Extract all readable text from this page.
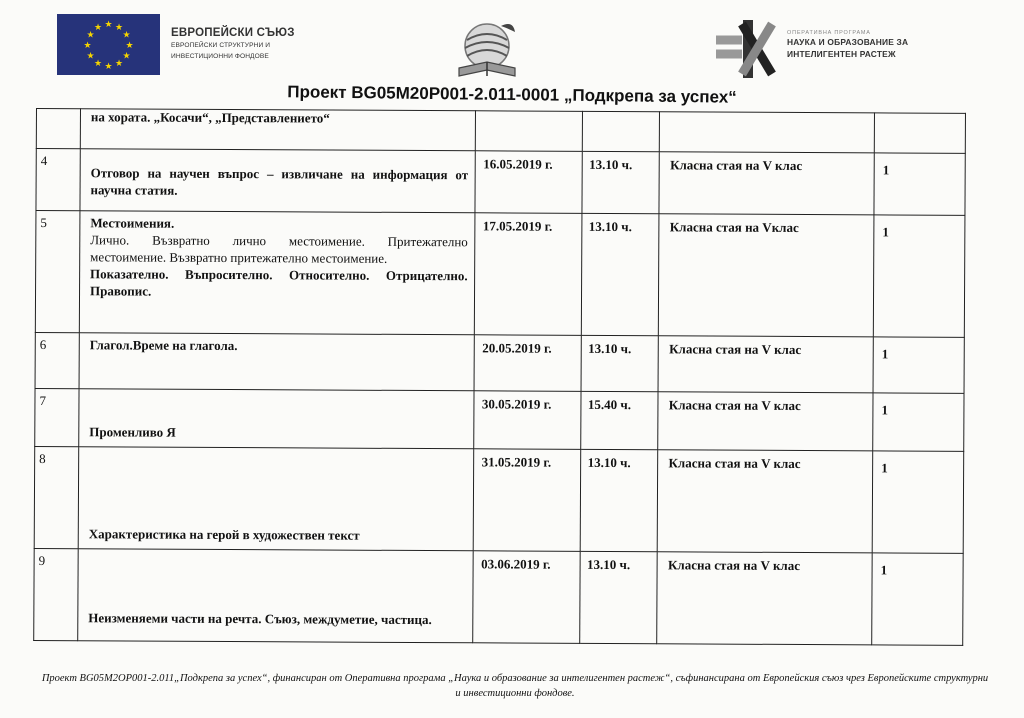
★ ★
★
★
★
★
★
★
★
★
★
★	ЕВРОПЕЙСКИ СЪЮЗ
ЕВРОПЕЙСКИ СТРУКТУРНИ И
ИНВЕСТИЦИОННИ ФОНДОВЕ
ОПЕРАТИВНА ПРОГРАМА
НАУКА И ОБРАЗОВАНИЕ ЗА
ИНТЕЛИГЕНТЕН РАСТЕЖ
Проект BG05M20P001-2.011-0001 „Подкрепа за успех“

	на хората. „Косачи“, „Представлението“				

4	Отговор на научен въпрос – извличане на информация от научна статия.	16.05.2019 г.	13.10 ч.	Класна стая на V клас	1
5	Местоимения.
Лично. Възвратно лично местоимение. Притежателно местоимение. Възвратно притежателно местоимение.
Показателно. Въпросително. Относително. Отрицателно. Правопис.	17.05.2019 г.	13.10 ч.	Класна стая на Vклас	1
6	Глагол.Време на глагола.	20.05.2019 г.	13.10 ч.	Класна стая на V клас	1
7	Променливо Я	30.05.2019 г.	15.40 ч.	Класна стая на V клас	1
8	Характеристика на герой в художествен текст	31.05.2019 г.	13.10 ч.	Класна стая на V клас	1
9	Неизменяеми части на речта. Съюз, междуметие, частица.	03.06.2019 г.	13.10 ч.	Класна стая на V клас	1
Проект BG05M2OP001-2.011„Подкрепа за успех“, финансиран от Оперативна програма „Наука и образование за интелигентен растеж“, съфинансирана от Европейския съюз чрез Европейските структурни и инвестиционни фондове.
